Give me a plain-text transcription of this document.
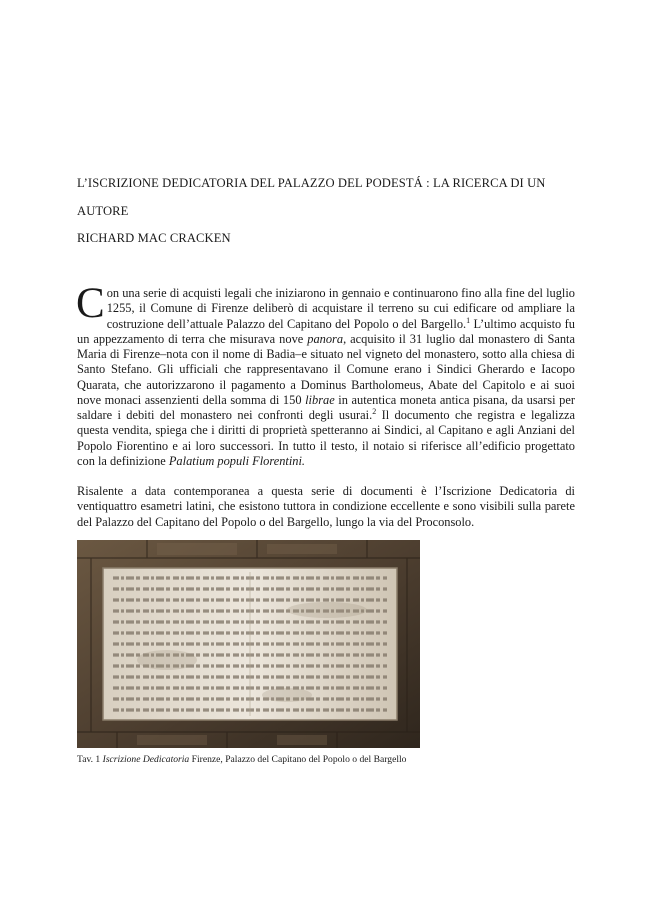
L’ISCRIZIONE DEDICATORIA DEL PALAZZO DEL PODESTÁ : LA RICERCA DI UN
AUTORE
RICHARD MAC CRACKEN

Con una serie di acquisti legali che iniziarono in gennaio e continuarono fino alla fine del luglio 1255, il Comune di Firenze deliberò di acquistare il terreno su cui edificare od ampliare la costruzione dell’attuale Palazzo del Capitano del Popolo o del Bargello.$^1$ L’ultimo acquisto fu un appezzamento di terra che misurava nove panora, acquisito il 31 luglio dal monastero di Santa Maria di Firenze–nota con il nome di Badia–e situato nel vigneto del monastero, sotto alla chiesa di Santo Stefano. Gli ufficiali che rappresentavano il Comune erano i Sindici Gherardo e Iacopo Quarata, che autorizzarono il pagamento a Dominus Bartholomeus, Abate del Capitolo e ai suoi nove monaci assenzienti della somma di 150 librae in autentica moneta antica pisana, da usarsi per saldare i debiti del monastero nei confronti degli usurai.$^2$ Il documento che registra e legalizza questa vendita, spiega che i diritti di proprietà spetteranno ai Sindici, al Capitano e agli Anziani del Popolo Fiorentino e ai loro successori. In tutto il testo, il notaio si riferisce all’edificio progettato con la definizione Palatium populi Florentini.

Risalente a data contemporanea a questa serie di documenti è l’Iscrizione Dedicatoria di ventiquattro esametri latini, che esistono tuttora in condizione eccellente e sono visibili sulla parete del Palazzo del Capitano del Popolo o del Bargello, lungo la via del Proconsolo.

Tav. 1 Iscrizione Dedicatoria Firenze, Palazzo del Capitano del Popolo o del Bargello
